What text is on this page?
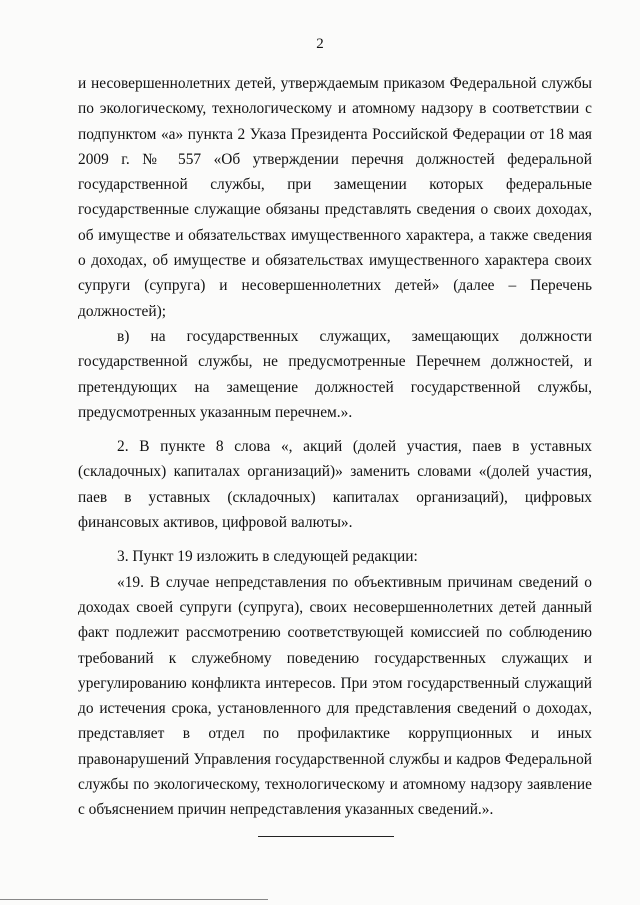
2

и несовершеннолетних детей, утверждаемым приказом Федеральной службы по экологическому, технологическому и атомному надзору в соответствии с подпунктом «а» пункта 2 Указа Президента Российской Федерации от 18 мая 2009 г. № 557 «Об утверждении перечня должностей федеральной государственной службы, при замещении которых федеральные государственные служащие обязаны представлять сведения о своих доходах, об имуществе и обязательствах имущественного характера, а также сведения о доходах, об имуществе и обязательствах имущественного характера своих супруги (супруга) и несовершеннолетних детей» (далее – Перечень должностей);

в) на государственных служащих, замещающих должности государственной службы, не предусмотренные Перечнем должностей, и претендующих на замещение должностей государственной службы, предусмотренных указанным перечнем.».

2. В пункте 8 слова «, акций (долей участия, паев в уставных (складочных) капиталах организаций)» заменить словами «(долей участия, паев в уставных (складочных) капиталах организаций), цифровых финансовых активов, цифровой валюты».

3. Пункт 19 изложить в следующей редакции:

«19. В случае непредставления по объективным причинам сведений о доходах своей супруги (супруга), своих несовершеннолетних детей данный факт подлежит рассмотрению соответствующей комиссией по соблюдению требований к служебному поведению государственных служащих и урегулированию конфликта интересов. При этом государственный служащий до истечения срока, установленного для представления сведений о доходах, представляет в отдел по профилактике коррупционных и иных правонарушений Управления государственной службы и кадров Федеральной службы по экологическому, технологическому и атомному надзору заявление с объяснением причин непредставления указанных сведений.».
